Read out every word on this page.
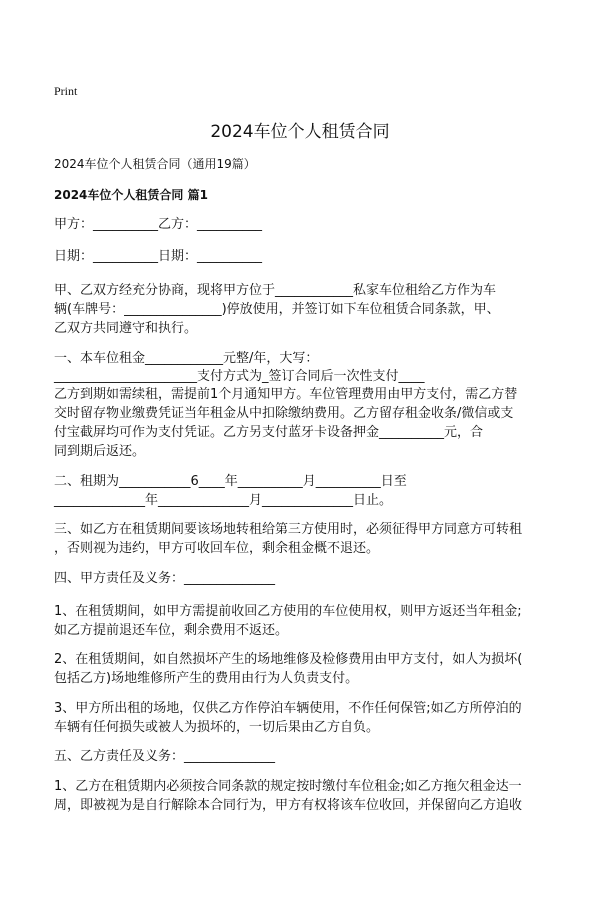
Print
2024车位个人租赁合同
2024车位个人租赁合同（通用19篇）
2024车位个人租赁合同 篇1
甲方：__________乙方：__________
日期：__________日期：__________
甲、乙双方经充分协商，现将甲方位于____________私家车位租给乙方作为车
辆(车牌号：_______________)停放使用，并签订如下车位租赁合同条款，甲、
乙双方共同遵守和执行。
一、本车位租金____________元整/年，大写：
______________________支付方式为_签订合同后一次性支付____
乙方到期如需续租，需提前1个月通知甲方。车位管理费用由甲方支付，需乙方替
交时留存物业缴费凭证当年租金从中扣除缴纳费用。乙方留存租金收条/微信或支
付宝截屏均可作为支付凭证。乙方另支付蓝牙卡设备押金__________元，合
同到期后返还。
二、租期为___________6____年__________月__________日至
______________年______________月______________日止。
三、如乙方在租赁期间要该场地转租给第三方使用时，必须征得甲方同意方可转租
，否则视为违约，甲方可收回车位，剩余租金概不退还。
四、甲方责任及义务：______________
1、在租赁期间，如甲方需提前收回乙方使用的车位使用权，则甲方返还当年租金;
如乙方提前退还车位，剩余费用不返还。
2、在租赁期间，如自然损坏产生的场地维修及检修费用由甲方支付，如人为损坏(
包括乙方)场地维修所产生的费用由行为人负责支付。
3、甲方所出租的场地，仅供乙方作停泊车辆使用，不作任何保管;如乙方所停泊的
车辆有任何损失或被人为损坏的，一切后果由乙方自负。
五、乙方责任及义务：______________
1、乙方在租赁期内必须按合同条款的规定按时缴付车位租金;如乙方拖欠租金达一
周，即被视为是自行解除本合同行为，甲方有权将该车位收回，并保留向乙方追收
